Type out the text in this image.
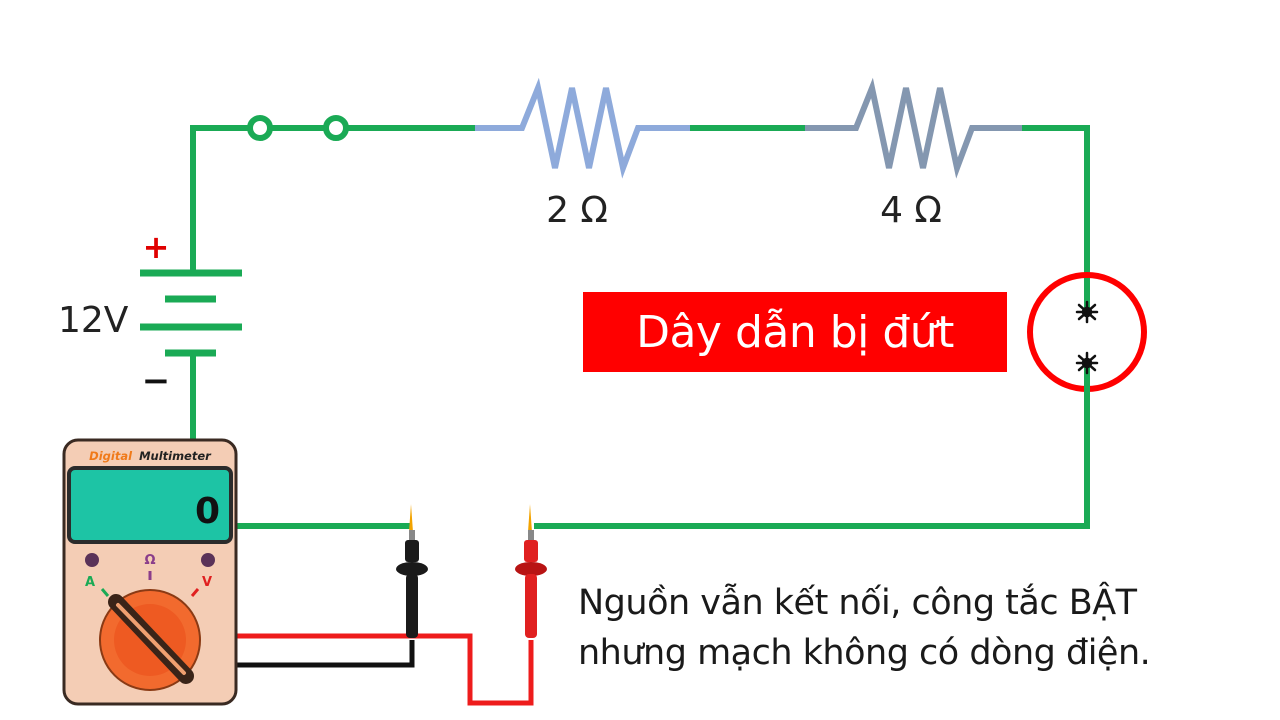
2 Ω	4 Ω
+
−
12V
Digital Multimeter
0
A
Ω
V
Dây dẫn bị đứt
Nguồn vẫn kết nối, công tắc BẬT
nhưng mạch không có dòng điện.
